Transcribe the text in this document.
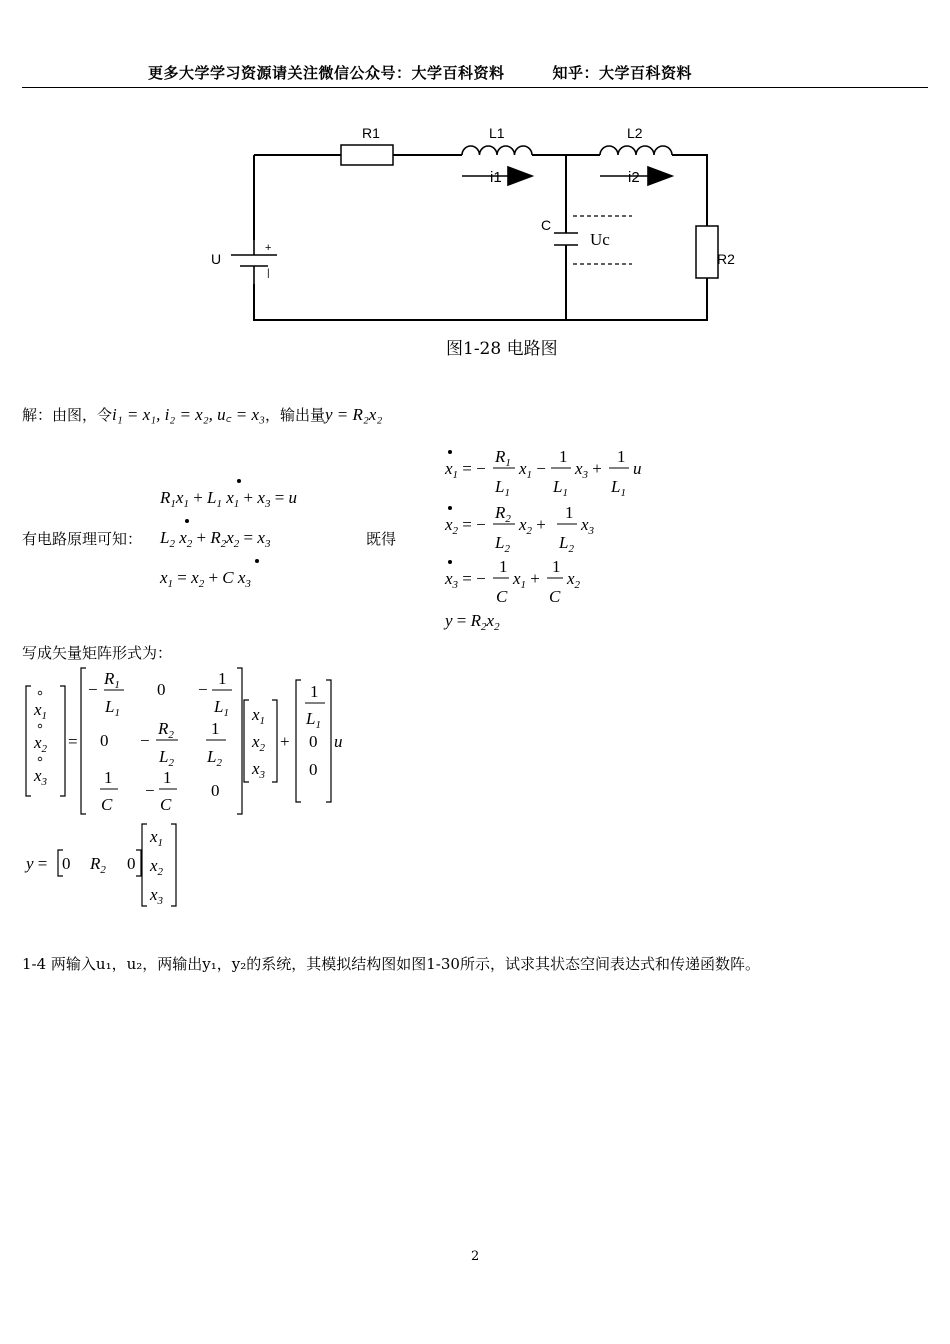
更多大学学习资源请关注微信公众号：大学百科资料	知乎：大学百科资料
R1	L1	L2
i1	i2
C
R2
U
+
|
Uc
图1-28 电路图
解：由图，令i₁ = x₁, i₂ = x₂, u꜀ = x₃，输出量y = R₂x₂
有电路原理可知：	既得
$R_1x_1 + L_1$ $x_1 + x_3 = u$
$L_2$ $x_2 + R_2x_2 = x_3$
$x_1 = x_2 + C$ $x_3$
$x_1$ = −
$R_1$
$L_1$
$x_1$ −
1
$L_1$
$x_3$ +
1
$L_1$
u
$x_2$ = −
$R_2$
$L_2$
$x_2$ +
1
$L_2$
$x_3$
$x_3$ = −
1
C
$x_1$ +
1
C
$x_2$
$y = R_2x_2$
写成矢量矩阵形式为：
$x_1$
$x_2$
$x_3$
=
−
$R_1$
$L_1$
0 −
1
$L_1$
0 −
$R_2$
$L_2$
1
$L_2$
1
C
−
1
C
0
$x_1$
$x_2$
$x_3$
+
1
$L_1$
0
0
u
y = 0 $R_2$ 0
$x_1$
$x_2$
$x_3$
1-4 两输入u₁，u₂，两输出y₁，y₂的系统，其模拟结构图如图1-30所示，试求其状态空间表达式和传递函数阵。
2
